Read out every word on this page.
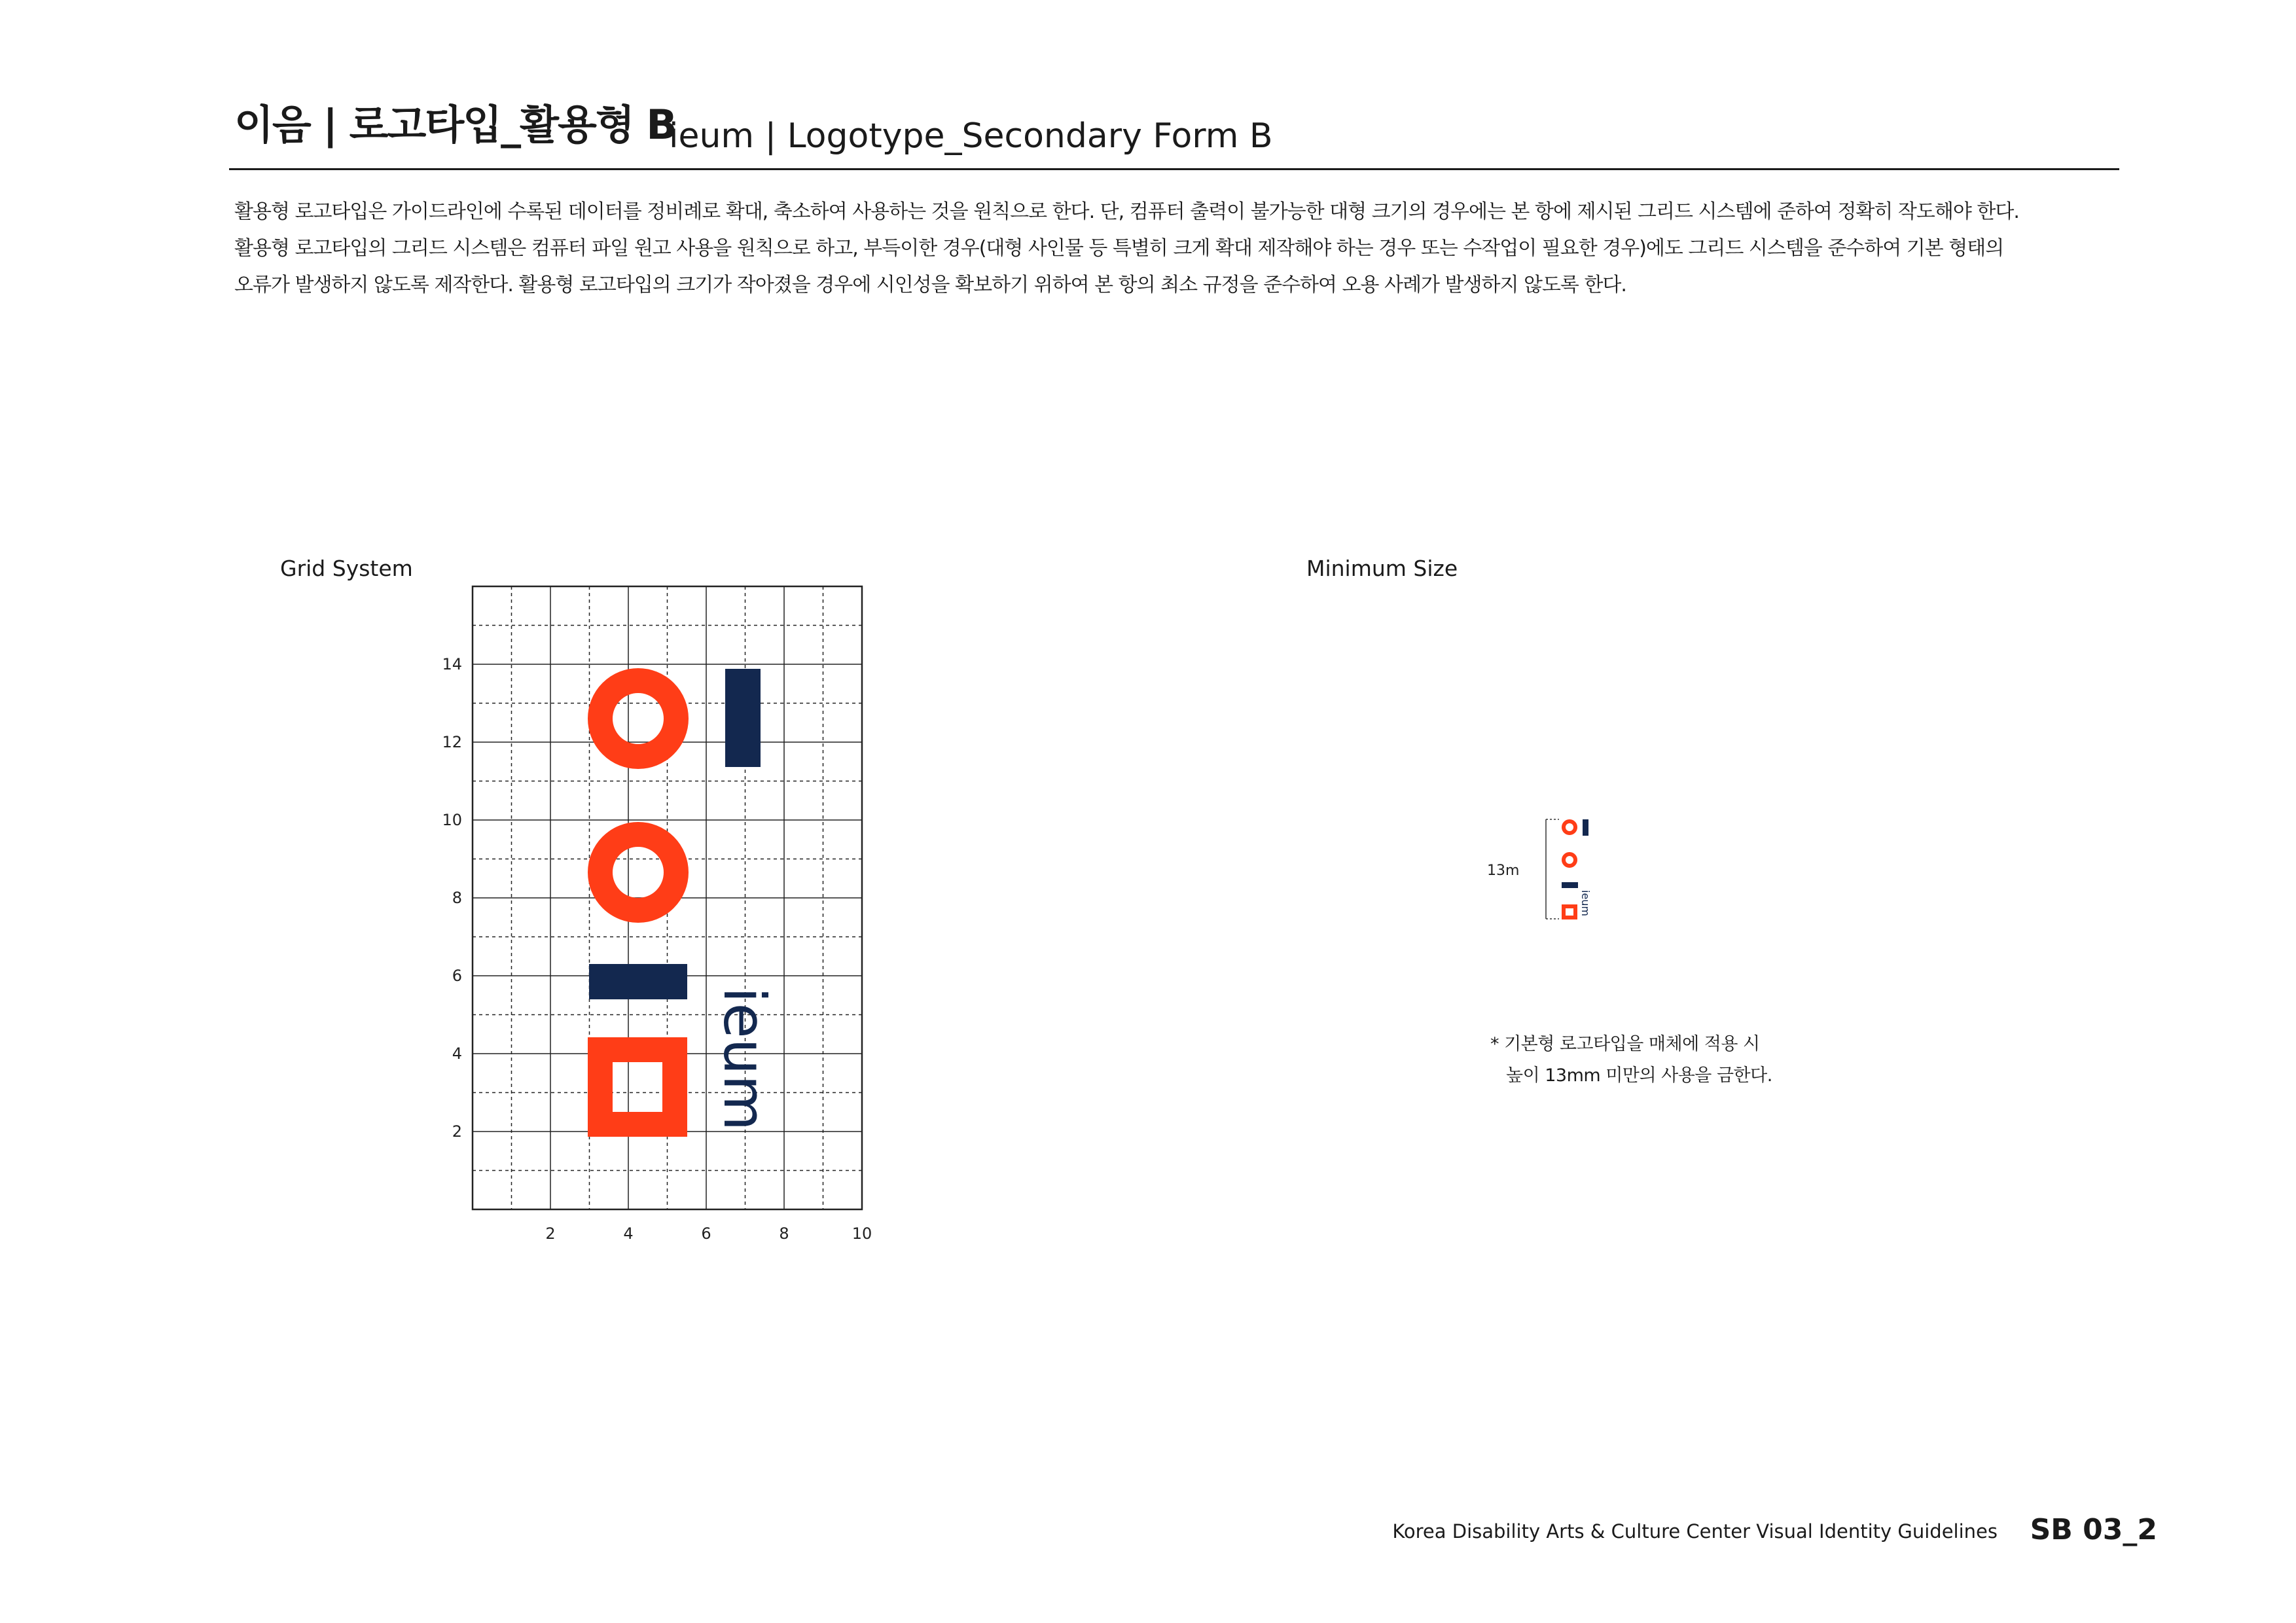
이음 | 로고타입_활용형 B
ieum | Logotype_Secondary Form B

활용형 로고타입은 가이드라인에 수록된 데이터를 정비례로 확대, 축소하여 사용하는 것을 원칙으로 한다. 단, 컴퓨터 출력이 불가능한 대형 크기의 경우에는 본 항에 제시된 그리드 시스템에 준하여 정확히 작도해야 한다.

활용형 로고타입의 그리드 시스템은 컴퓨터 파일 원고 사용을 원칙으로 하고, 부득이한 경우(대형 사인물 등 특별히 크게 확대 제작해야 하는 경우 또는 수작업이 필요한 경우)에도 그리드 시스템을 준수하여 기본 형태의

오류가 발생하지 않도록 제작한다. 활용형 로고타입의 크기가 작아졌을 경우에 시인성을 확보하기 위하여 본 항의 최소 규정을 준수하여 오용 사례가 발생하지 않도록 한다.

Grid System
ieum
14
12
10
8
6
4
2
2	4	6	8	10
Minimum Size
13m
ieum

* 기본형 로고타입을 매체에 적용 시

높이 13mm 미만의 사용을 금한다.

Korea Disability Arts & Culture Center Visual Identity Guidelines SB 03_2
